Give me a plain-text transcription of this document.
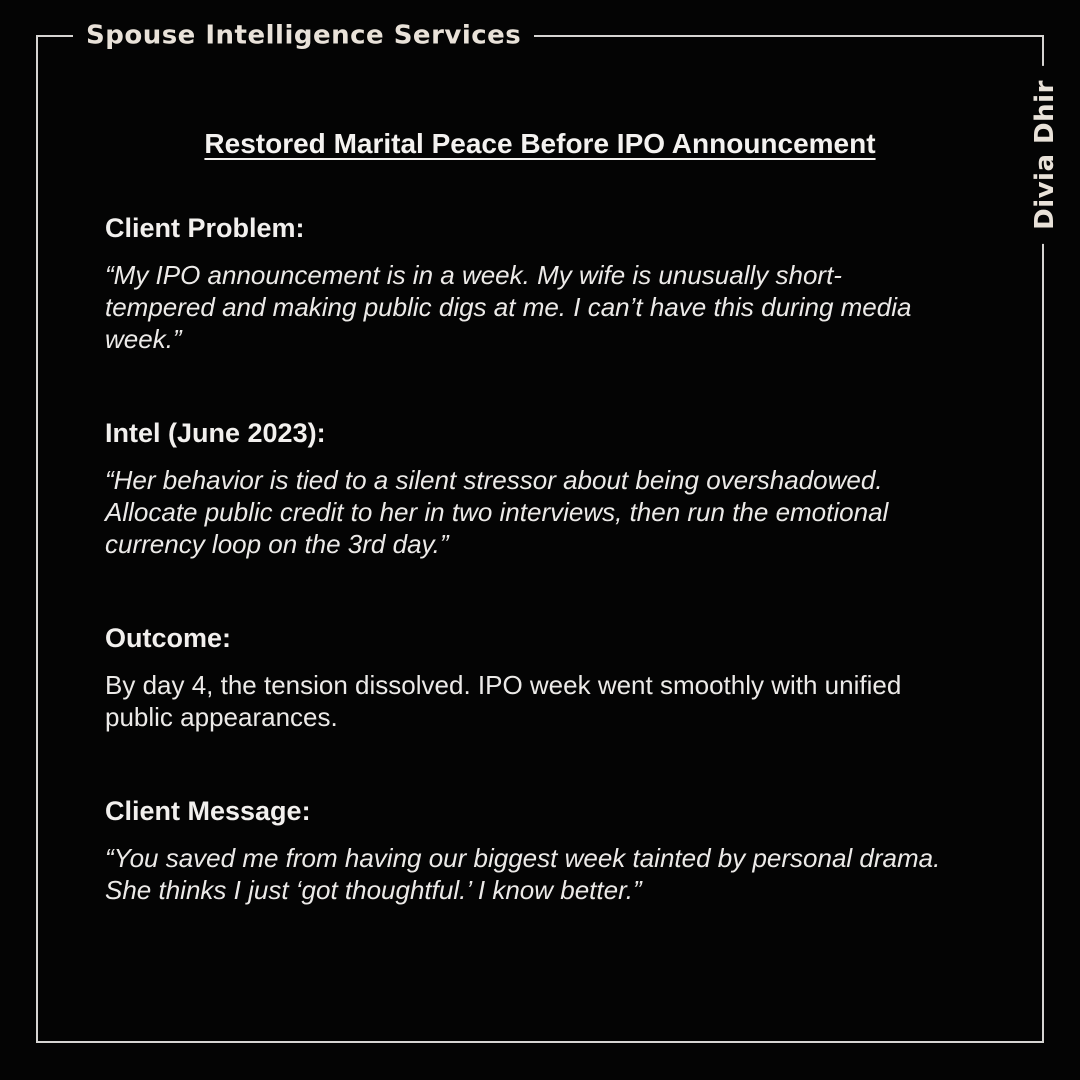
Spouse Intelligence Services
Divia Dhir
Restored Marital Peace Before IPO Announcement
Client Problem:

“My IPO announcement is in a week. My wife is unusually short-
tempered and making public digs at me. I can’t have this during media
week.”

Intel (June 2023):

“Her behavior is tied to a silent stressor about being overshadowed.
Allocate public credit to her in two interviews, then run the emotional
currency loop on the 3rd day.”

Outcome:

By day 4, the tension dissolved. IPO week went smoothly with unified
public appearances.

Client Message:

“You saved me from having our biggest week tainted by personal drama.
She thinks I just ‘got thoughtful.’ I know better.”
